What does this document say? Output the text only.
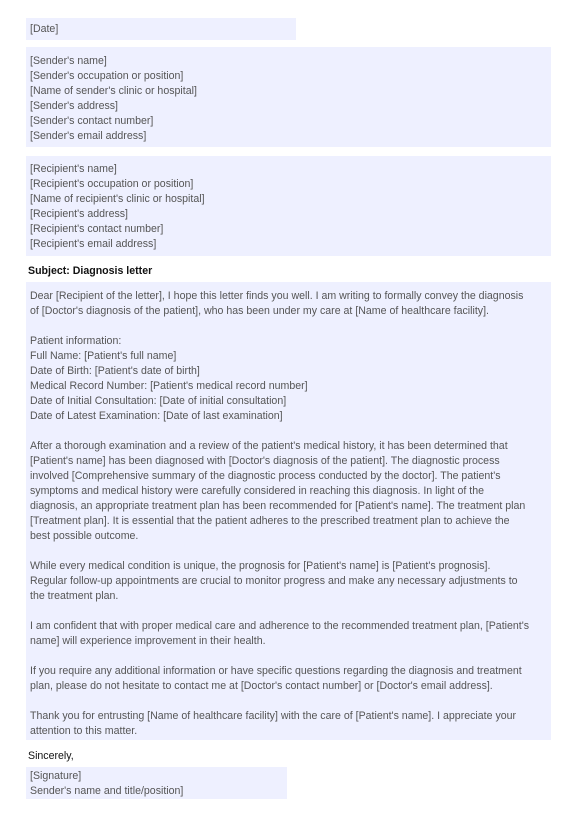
[Date]
[Sender's name]
[Sender's occupation or position]
[Name of sender's clinic or hospital]
[Sender's address]
[Sender's contact number]
[Sender's email address]
[Recipient's name]
[Recipient's occupation or position]
[Name of recipient's clinic or hospital]
[Recipient's address]
[Recipient's contact number]
[Recipient's email address]
Subject: Diagnosis letter
Dear [Recipient of the letter], I hope this letter finds you well. I am writing to formally convey the diagnosis
of [Doctor's diagnosis of the patient], who has been under my care at [Name of healthcare facility].
Patient information:
Full Name: [Patient's full name]
Date of Birth: [Patient's date of birth]
Medical Record Number: [Patient's medical record number]
Date of Initial Consultation: [Date of initial consultation]
Date of Latest Examination: [Date of last examination]
After a thorough examination and a review of the patient's medical history, it has been determined that
[Patient's name] has been diagnosed with [Doctor's diagnosis of the patient]. The diagnostic process
involved [Comprehensive summary of the diagnostic process conducted by the doctor]. The patient's
symptoms and medical history were carefully considered in reaching this diagnosis. In light of the
diagnosis, an appropriate treatment plan has been recommended for [Patient's name]. The treatment plan
[Treatment plan]. It is essential that the patient adheres to the prescribed treatment plan to achieve the
best possible outcome.
While every medical condition is unique, the prognosis for [Patient's name] is [Patient's prognosis].
Regular follow-up appointments are crucial to monitor progress and make any necessary adjustments to
the treatment plan.
I am confident that with proper medical care and adherence to the recommended treatment plan, [Patient's
name] will experience improvement in their health.
If you require any additional information or have specific questions regarding the diagnosis and treatment
plan, please do not hesitate to contact me at [Doctor's contact number] or [Doctor's email address].
Thank you for entrusting [Name of healthcare facility] with the care of [Patient's name]. I appreciate your
attention to this matter.
Sincerely,
[Signature]
Sender's name and title/position]
